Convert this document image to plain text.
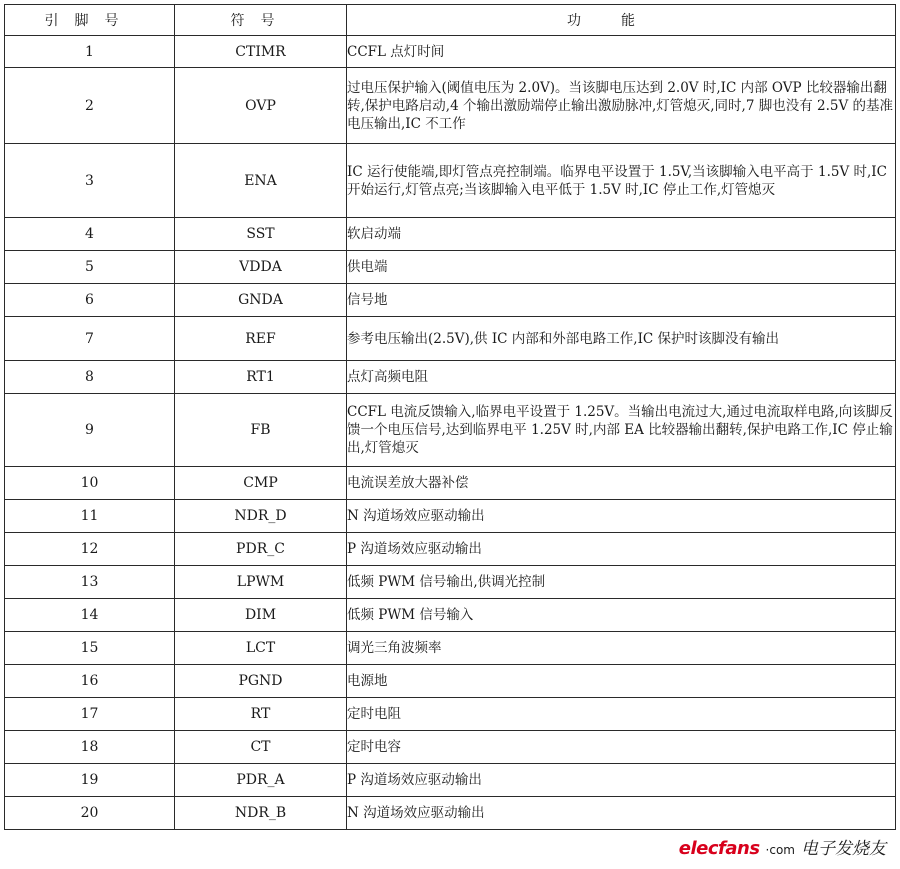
引脚号	符号	功能
1	CTIMR	CCFL 点灯时间
2	OVP	过电压保护输入(阈值电压为 2.0V)。当该脚电压达到 2.0V 时,IC 内部 OVP 比较器输出翻转,保护电路启动,4 个输出激励端停止输出激励脉冲,灯管熄灭,同时,7 脚也没有 2.5V 的基准电压输出,IC 不工作
3	ENA	IC 运行使能端,即灯管点亮控制端。临界电平设置于 1.5V,当该脚输入电平高于 1.5V 时,IC 开始运行,灯管点亮;当该脚输入电平低于 1.5V 时,IC 停止工作,灯管熄灭
4	SST	软启动端
5	VDDA	供电端
6	GNDA	信号地
7	REF	参考电压输出(2.5V),供 IC 内部和外部电路工作,IC 保护时该脚没有输出
8	RT1	点灯高频电阻
9	FB	CCFL 电流反馈输入,临界电平设置于 1.25V。当输出电流过大,通过电流取样电路,向该脚反馈一个电压信号,达到临界电平 1.25V 时,内部 EA 比较器输出翻转,保护电路工作,IC 停止输出,灯管熄灭
10	CMP	电流误差放大器补偿
11	NDR_D	N 沟道场效应驱动输出
12	PDR_C	P 沟道场效应驱动输出
13	LPWM	低频 PWM 信号输出,供调光控制
14	DIM	低频 PWM 信号输入
15	LCT	调光三角波频率
16	PGND	电源地
17	RT	定时电阻
18	CT	定时电容
19	PDR_A	P 沟道场效应驱动输出
20	NDR_B	N 沟道场效应驱动输出
elecfans ·com 电子发烧友
